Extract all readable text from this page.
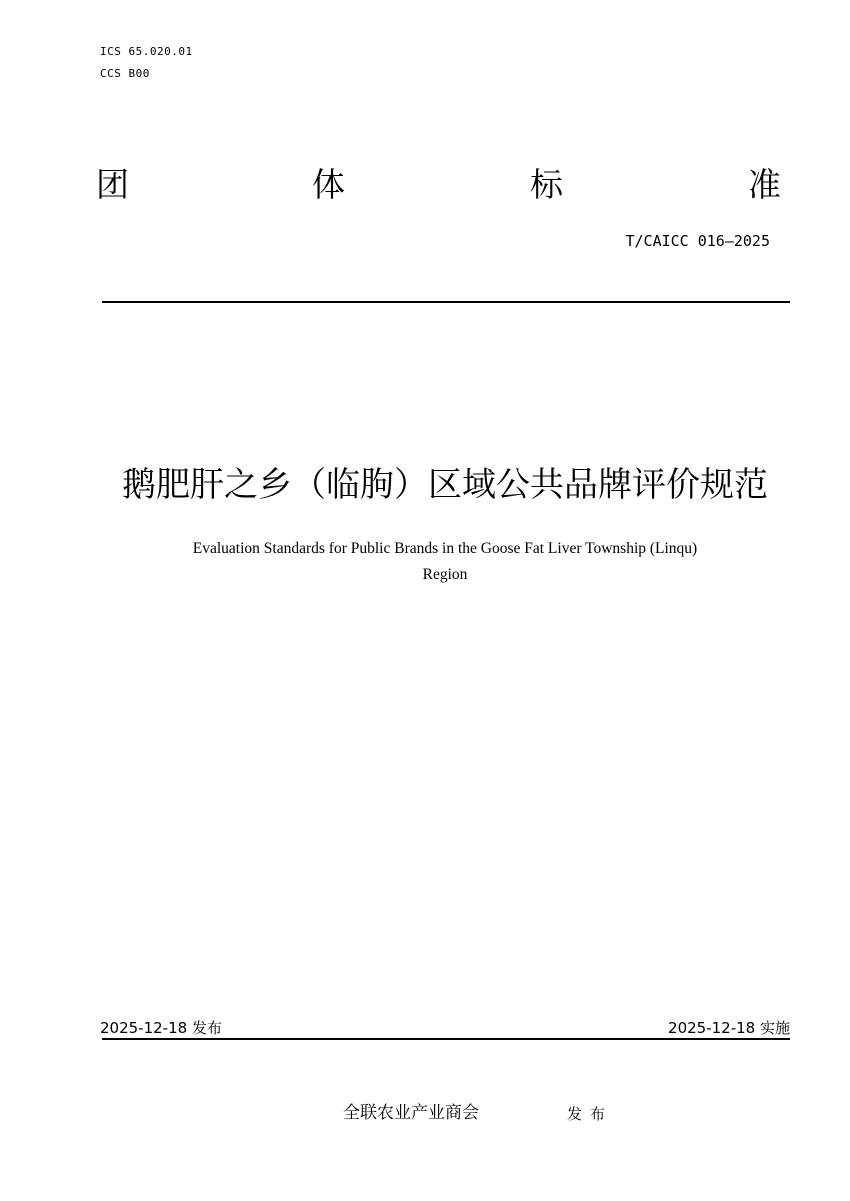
ICS 65.020.01
CCS B00
团	体	标	准
T/CAICC 016—2025
鹅肥肝之乡（临朐）区域公共品牌评价规范
Evaluation Standards for Public Brands in the Goose Fat Liver Township (Linqu)
Region
2025-12-18 发布	2025-12-18 实施
全联农业产业商会	发布
